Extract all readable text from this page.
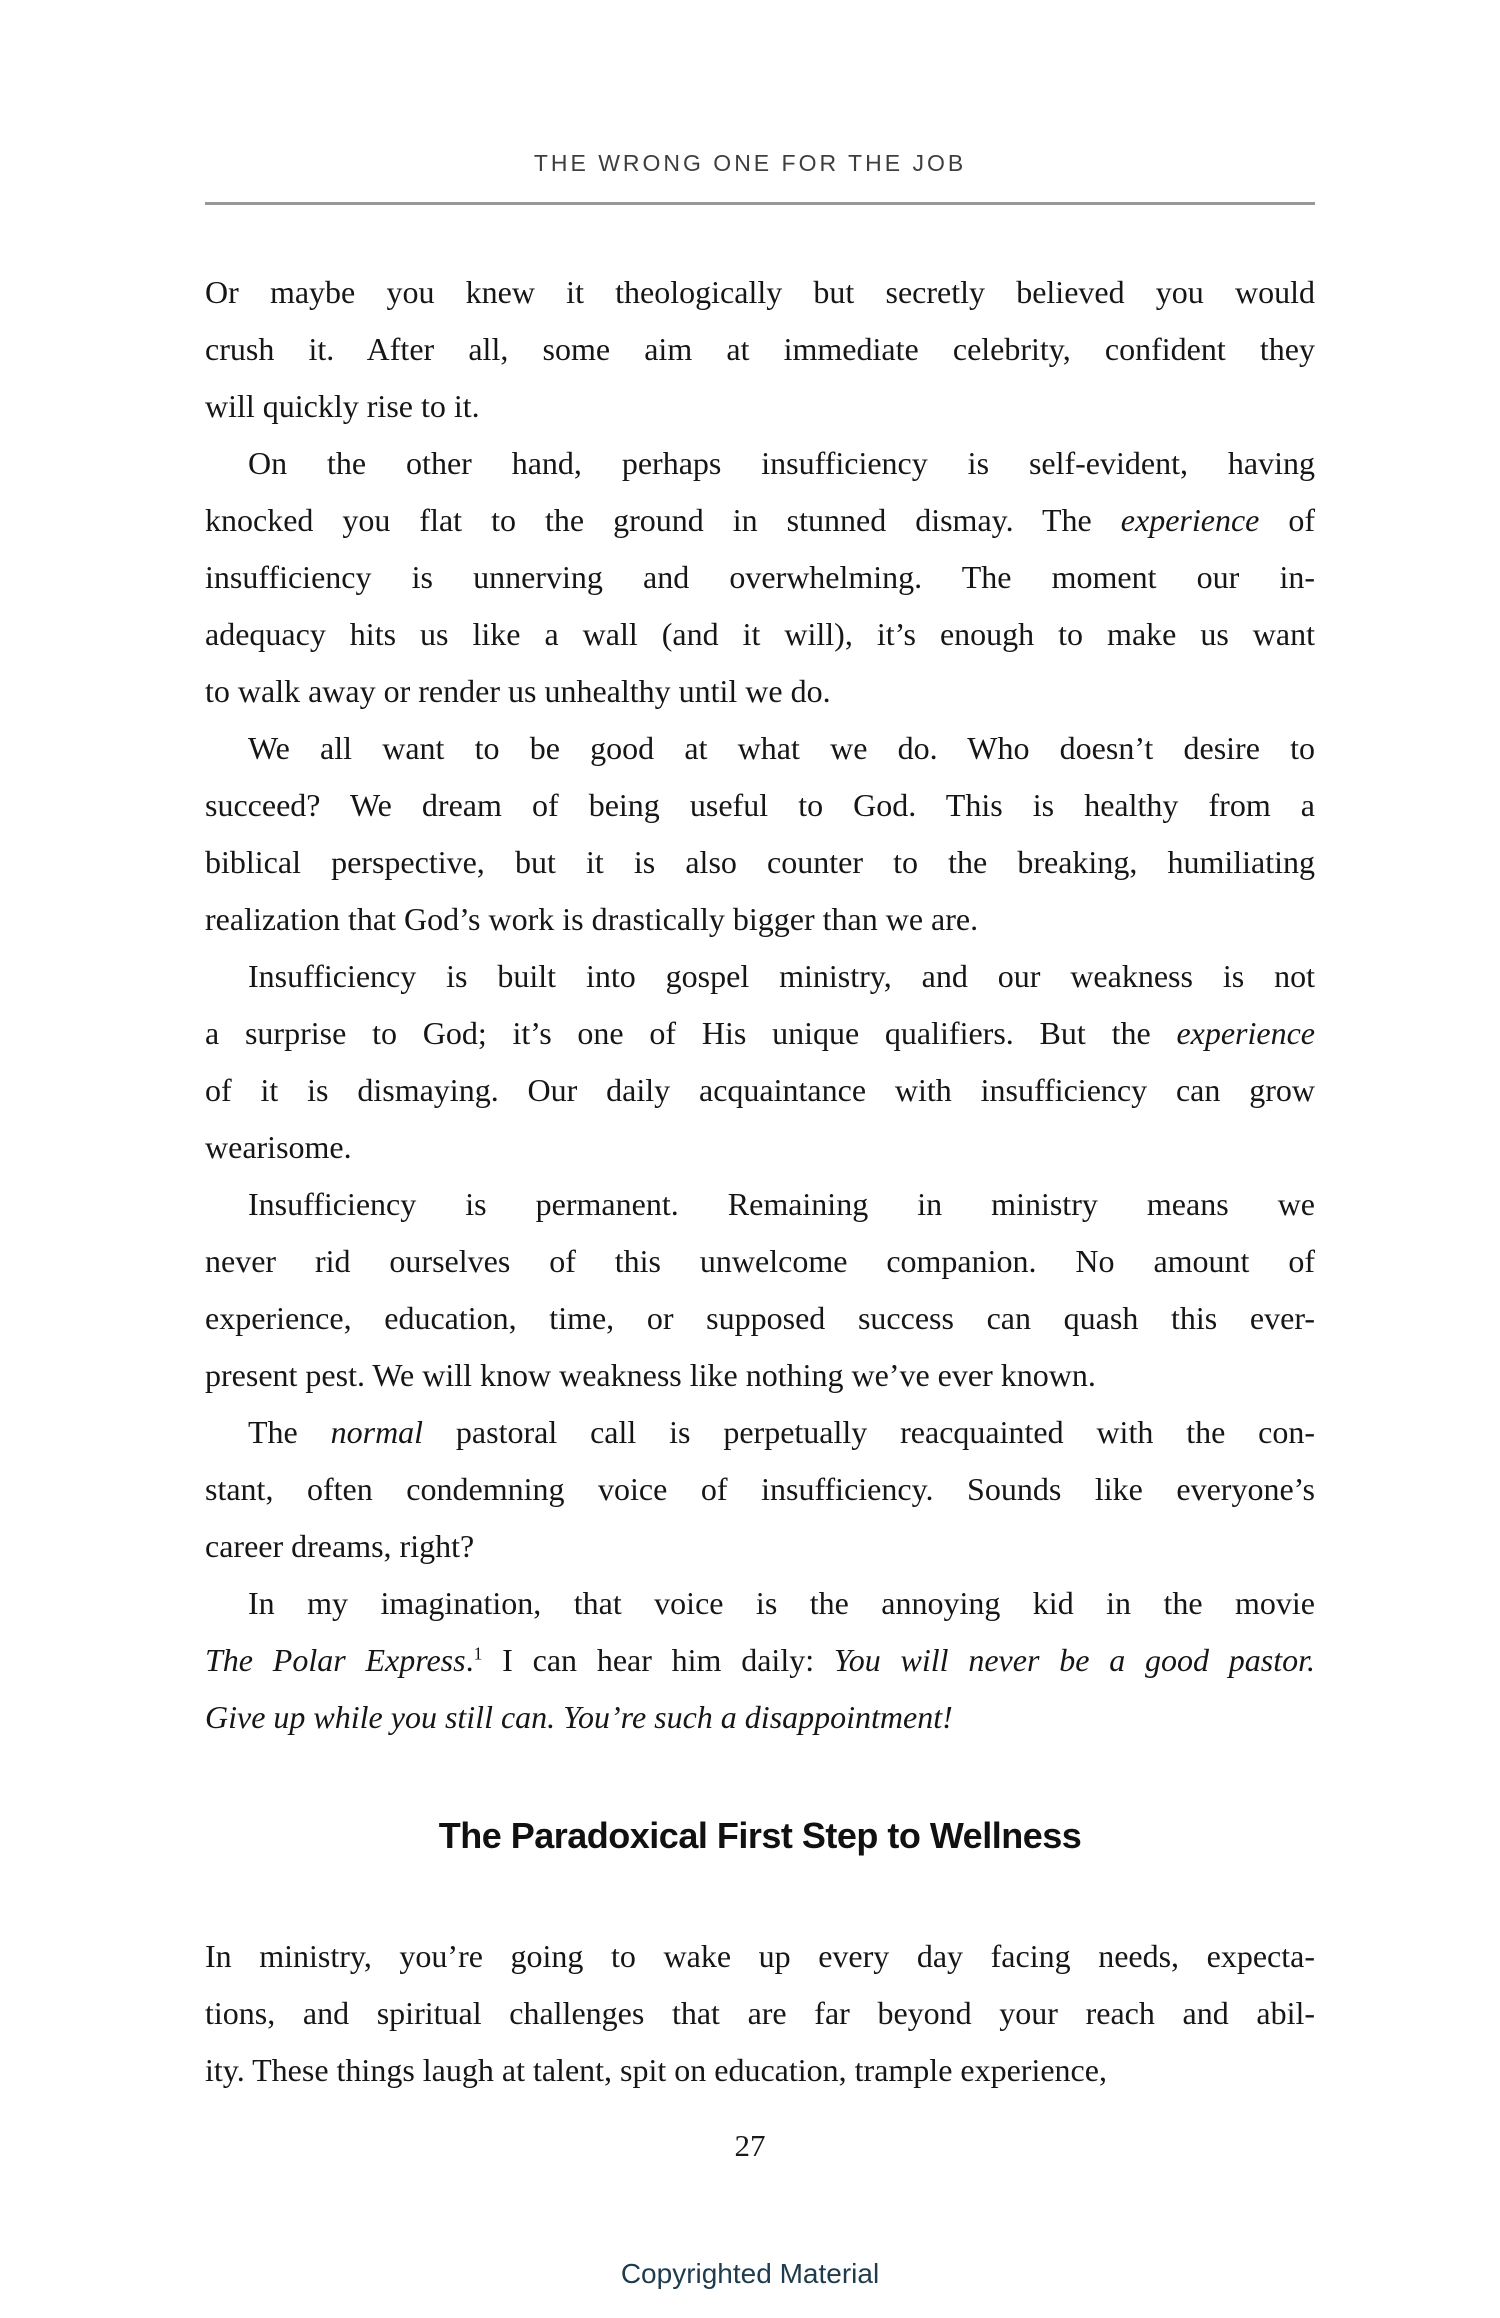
THE WRONG ONE FOR THE JOB
Or maybe you knew it theologically but secretly believed you would
crush it. After all, some aim at immediate celebrity, confident they
will quickly rise to it.
On the other hand, perhaps insufficiency is self-evident, having
knocked you flat to the ground in stunned dismay. The experience of
insufficiency is unnerving and overwhelming. The moment our in-
adequacy hits us like a wall (and it will), it’s enough to make us want
to walk away or render us unhealthy until we do.
We all want to be good at what we do. Who doesn’t desire to
succeed? We dream of being useful to God. This is healthy from a
biblical perspective, but it is also counter to the breaking, humiliating
realization that God’s work is drastically bigger than we are.
Insufficiency is built into gospel ministry, and our weakness is not
a surprise to God; it’s one of His unique qualifiers. But the experience
of it is dismaying. Our daily acquaintance with insufficiency can grow
wearisome.
Insufficiency is permanent. Remaining in ministry means we
never rid ourselves of this unwelcome companion. No amount of
experience, education, time, or supposed success can quash this ever-
present pest. We will know weakness like nothing we’ve ever known.
The normal pastoral call is perpetually reacquainted with the con-
stant, often condemning voice of insufficiency. Sounds like everyone’s
career dreams, right?
In my imagination, that voice is the annoying kid in the movie
The Polar Express.$^1$ I can hear him daily: You will never be a good pastor.
Give up while you still can. You’re such a disappointment!
The Paradoxical First Step to Wellness
In ministry, you’re going to wake up every day facing needs, expecta-
tions, and spiritual challenges that are far beyond your reach and abil-
ity. These things laugh at talent, spit on education, trample experience,
27
Copyrighted Material
